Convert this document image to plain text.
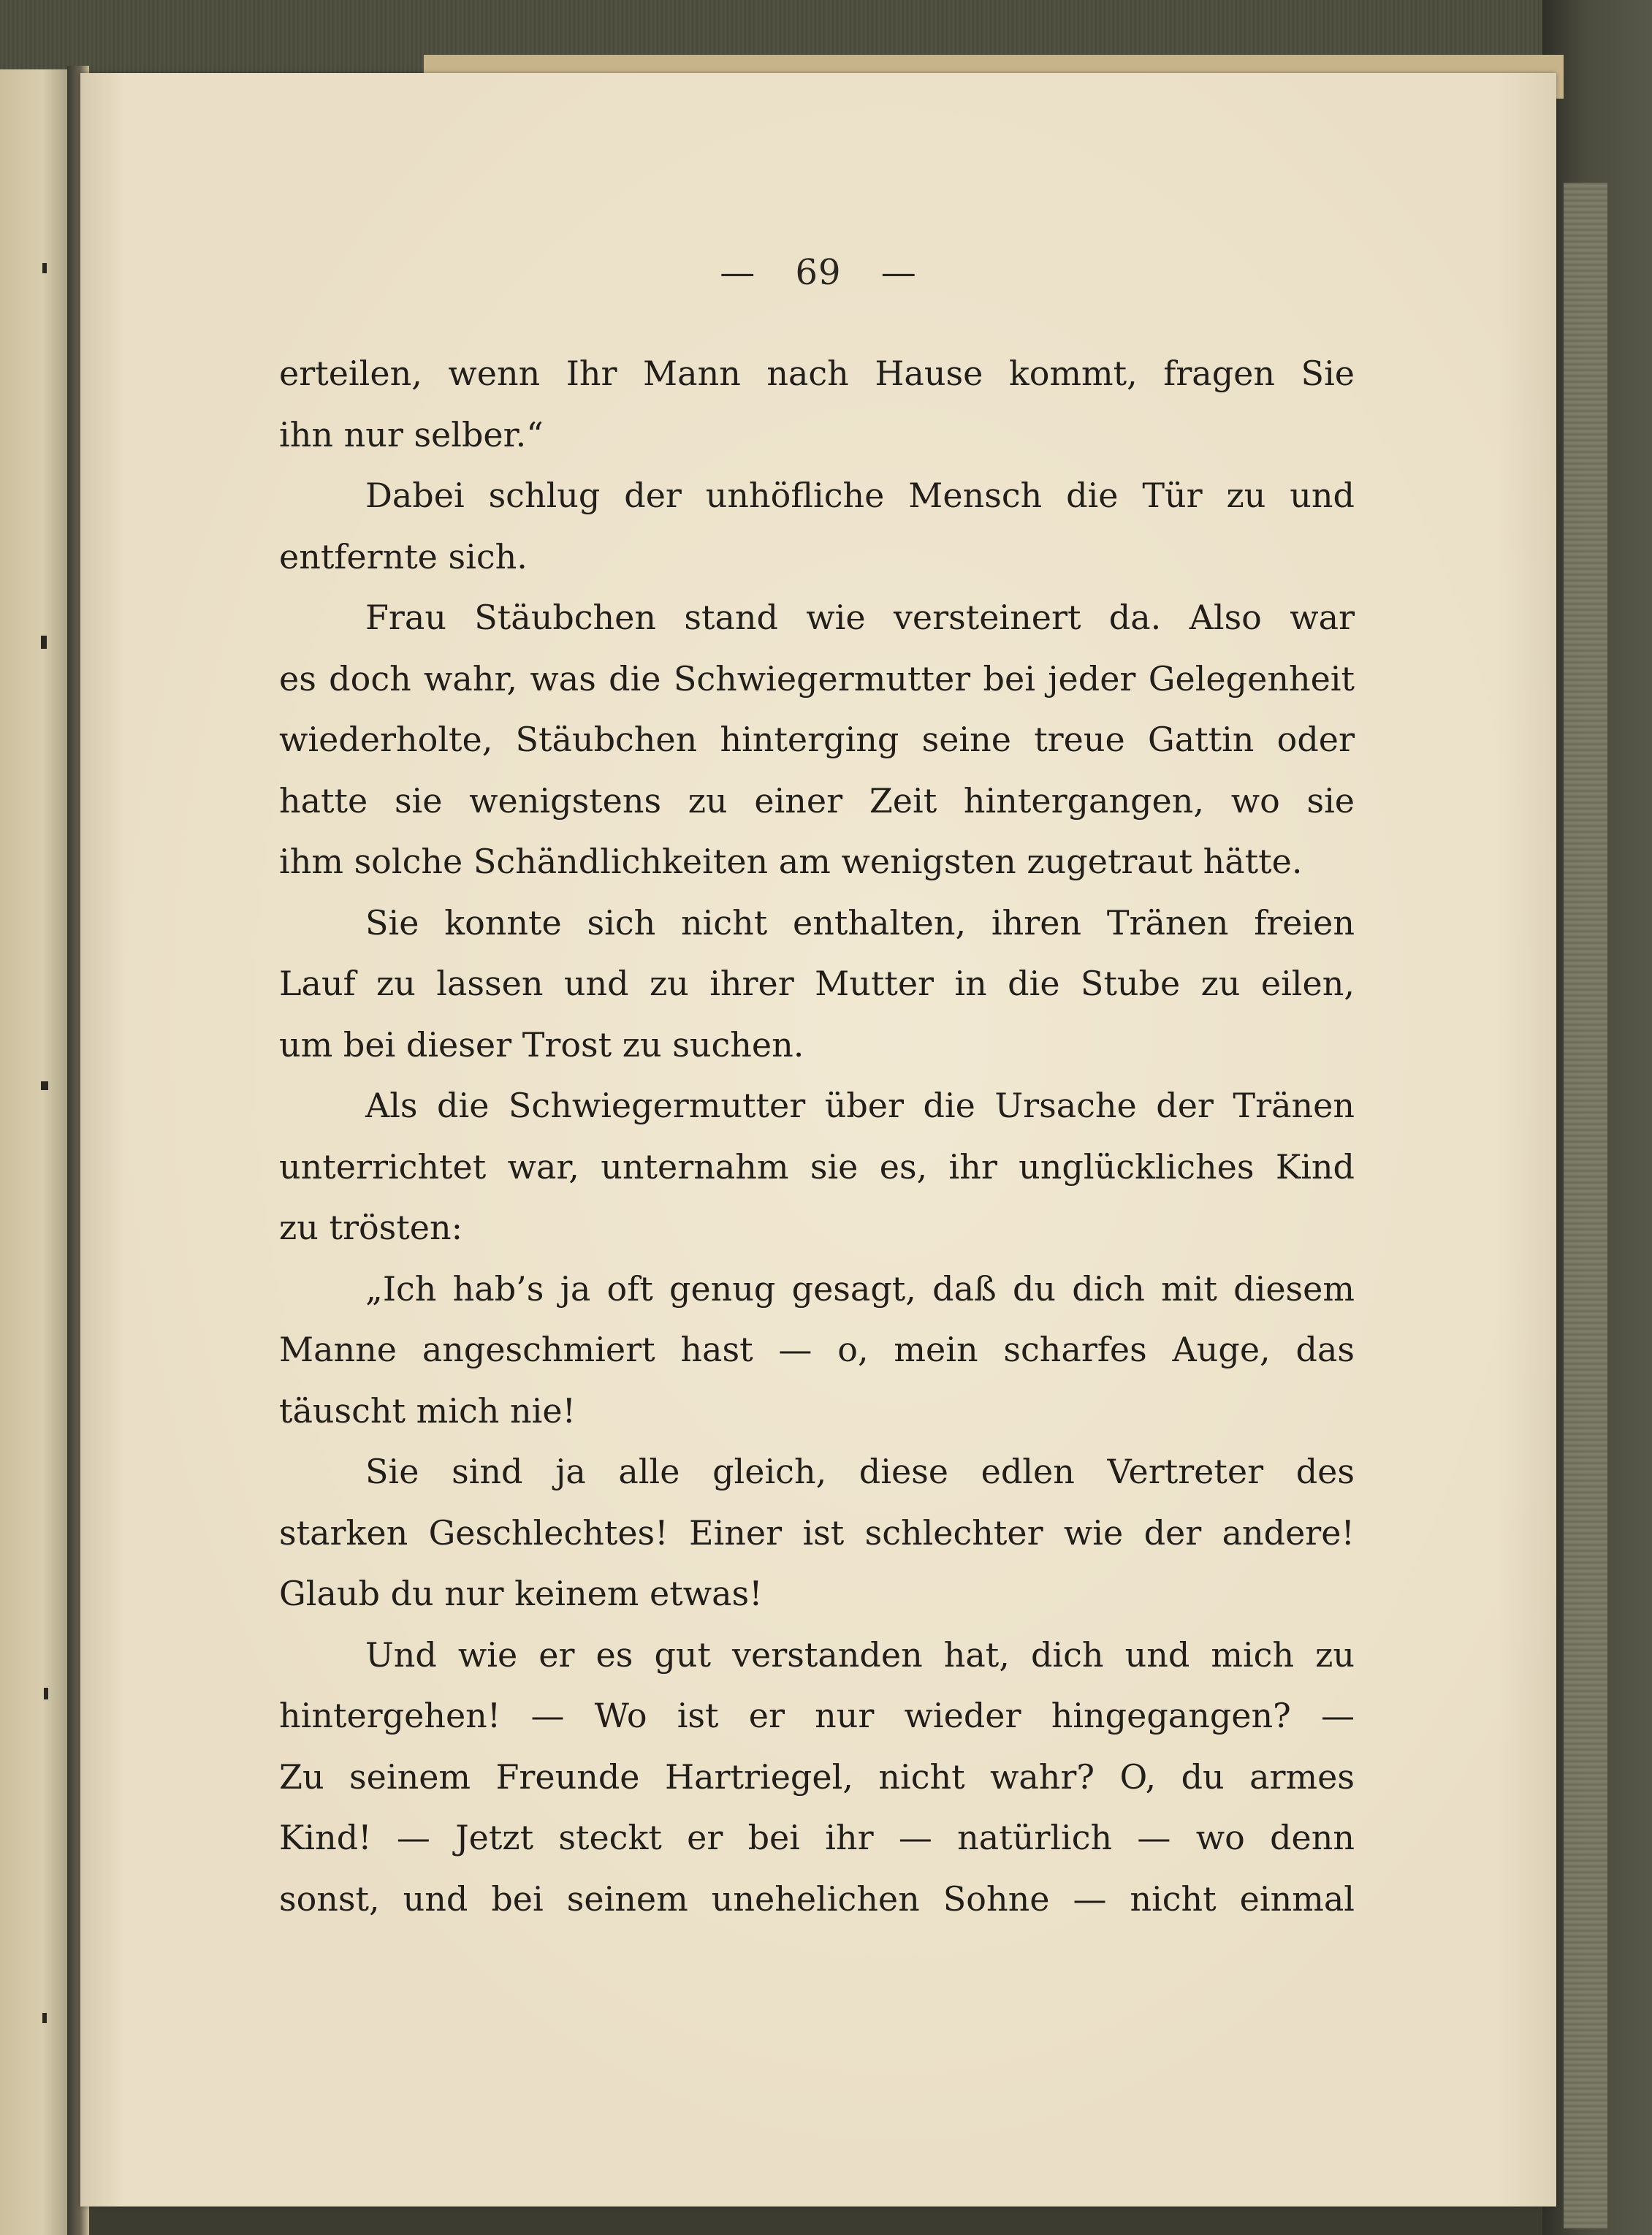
— 69 —
erteilen, wenn Ihr Mann nach Hause kommt, fragen Sie
ihn nur selber.“
Dabei schlug der unhöfliche Mensch die Tür zu und
entfernte sich.
Frau Stäubchen stand wie versteinert da. Also war
es doch wahr, was die Schwiegermutter bei jeder Gelegenheit
wiederholte, Stäubchen hinterging seine treue Gattin oder
hatte sie wenigstens zu einer Zeit hintergangen, wo sie
ihm solche Schändlichkeiten am wenigsten zugetraut hätte.
Sie konnte sich nicht enthalten, ihren Tränen freien
Lauf zu lassen und zu ihrer Mutter in die Stube zu eilen,
um bei dieser Trost zu suchen.
Als die Schwiegermutter über die Ursache der Tränen
unterrichtet war, unternahm sie es, ihr unglückliches Kind
zu trösten:
„Ich hab’s ja oft genug gesagt, daß du dich mit diesem
Manne angeschmiert hast — o, mein scharfes Auge, das
täuscht mich nie!
Sie sind ja alle gleich, diese edlen Vertreter des
starken Geschlechtes! Einer ist schlechter wie der andere!
Glaub du nur keinem etwas!
Und wie er es gut verstanden hat, dich und mich zu
hintergehen! — Wo ist er nur wieder hingegangen? —
Zu seinem Freunde Hartriegel, nicht wahr? O, du armes
Kind! — Jetzt steckt er bei ihr — natürlich — wo denn
sonst, und bei seinem unehelichen Sohne — nicht einmal
